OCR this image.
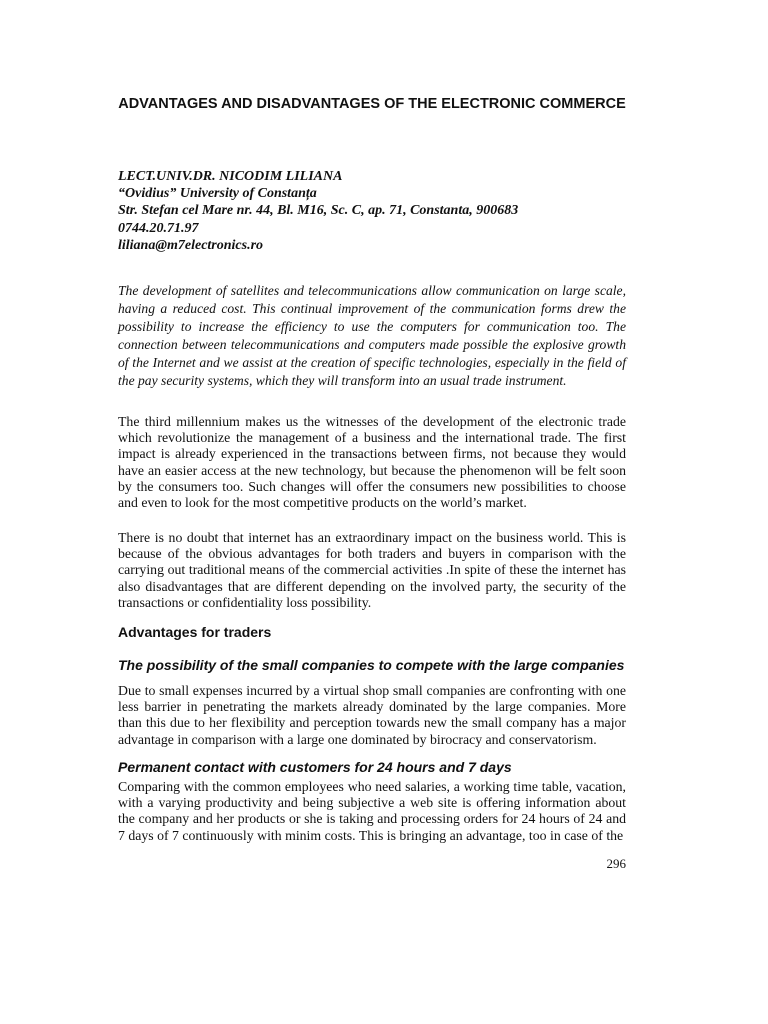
ADVANTAGES AND DISADVANTAGES OF THE ELECTRONIC COMMERCE
LECT.UNIV.DR. NICODIM LILIANA
“Ovidius” University of Constanța
Str. Stefan cel Mare nr. 44, Bl. M16, Sc. C, ap. 71, Constanta, 900683
0744.20.71.97
liliana@m7electronics.ro

The development of satellites and telecommunications allow communication on large scale, having a reduced cost. This continual improvement of the communication forms drew the possibility to increase the efficiency to use the computers for communication too. The connection between telecommunications and computers made possible the explosive growth of the Internet and we assist at the creation of specific technologies, especially in the field of the pay security systems, which they will transform into an usual trade instrument.

The third millennium makes us the witnesses of the development of the electronic trade which revolutionize the management of a business and the international trade. The first impact is already experienced in the transactions between firms, not because they would have an easier access at the new technology, but because the phenomenon will be felt soon by the consumers too. Such changes will offer the consumers new possibilities to choose and even to look for the most competitive products on the world’s market.

There is no doubt that internet has an extraordinary impact on the business world. This is because of the obvious advantages for both traders and buyers in comparison with the carrying out traditional means of the commercial activities .In spite of these the internet has also disadvantages that are different depending on the involved party, the security of the transactions or confidentiality loss possibility.

Advantages for traders
The possibility of the small companies to compete with the large companies

Due to small expenses incurred by a virtual shop small companies are confronting with one less barrier in penetrating the markets already dominated by the large companies. More than this due to her flexibility and perception towards new the small company has a major advantage in comparison with a large one dominated by birocracy and conservatorism.

Permanent contact with customers for 24 hours and 7 days

Comparing with the common employees who need salaries, a working time table, vacation, with a varying productivity and being subjective a web site is offering information about the company and her products or she is taking and processing orders for 24 hours of 24 and 7 days of 7 continuously with minim costs. This is bringing an advantage, too in case of the

296
